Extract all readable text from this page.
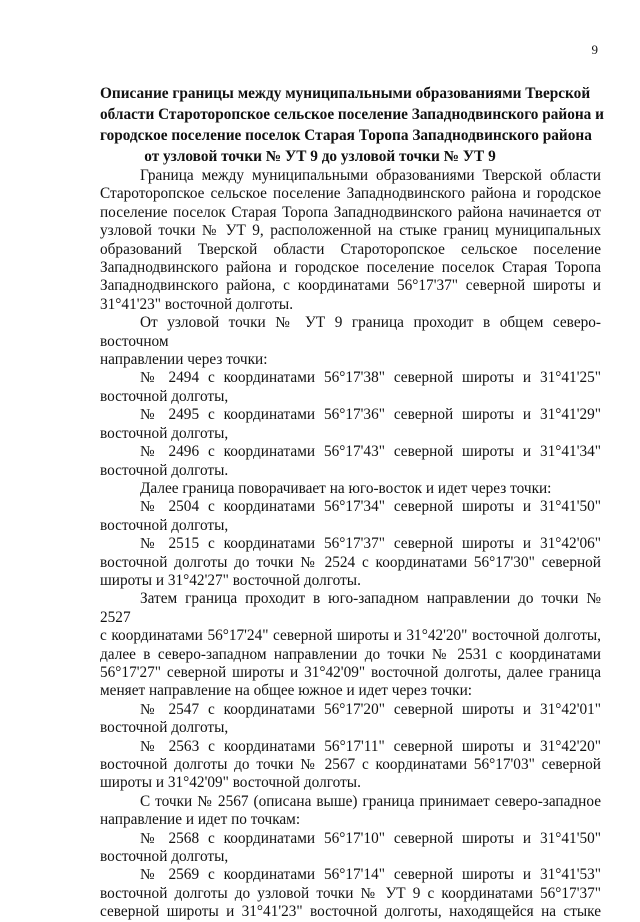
9
Описание границы между муниципальными образованиями Тверской
области Староторопское сельское поселение Западнодвинского района и
городское поселение поселок Старая Торопа Западнодвинского района
от узловой точки № УТ 9 до узловой точки № УТ 9

Граница между муниципальными образованиями Тверской области

Староторопское сельское поселение Западнодвинского района и городское

поселение поселок Старая Торопа Западнодвинского района начинается от

узловой точки № УТ 9, расположенной на стыке границ муниципальных

образований Тверской области Староторопское сельское поселение

Западнодвинского района и городское поселение поселок Старая Торопа

Западнодвинского района, с координатами 56°17'37" северной широты и

31°41'23" восточной долготы.

От узловой точки № УТ 9 граница проходит в общем северо-восточном

направлении через точки:

№ 2494 с координатами 56°17'38" северной широты и 31°41'25"

восточной долготы,

№ 2495 с координатами 56°17'36" северной широты и 31°41'29"

восточной долготы,

№ 2496 с координатами 56°17'43" северной широты и 31°41'34"

восточной долготы.

Далее граница поворачивает на юго-восток и идет через точки:

№ 2504 с координатами 56°17'34" северной широты и 31°41'50"

восточной долготы,

№ 2515 с координатами 56°17'37" северной широты и 31°42'06"

восточной долготы до точки № 2524 с координатами 56°17'30" северной

широты и 31°42'27" восточной долготы.

Затем граница проходит в юго-западном направлении до точки № 2527

с координатами 56°17'24" северной широты и 31°42'20" восточной долготы,

далее в северо-западном направлении до точки № 2531 с координатами

56°17'27" северной широты и 31°42'09" восточной долготы, далее граница

меняет направление на общее южное и идет через точки:

№ 2547 с координатами 56°17'20" северной широты и 31°42'01"

восточной долготы,

№ 2563 с координатами 56°17'11" северной широты и 31°42'20"

восточной долготы до точки № 2567 с координатами 56°17'03" северной

широты и 31°42'09" восточной долготы.

С точки № 2567 (описана выше) граница принимает северо-западное

направление и идет по точкам:

№ 2568 с координатами 56°17'10" северной широты и 31°41'50"

восточной долготы,

№ 2569 с координатами 56°17'14" северной широты и 31°41'53"

восточной долготы до узловой точки № УТ 9 с координатами 56°17'37"

северной широты и 31°41'23" восточной долготы, находящейся на стыке
